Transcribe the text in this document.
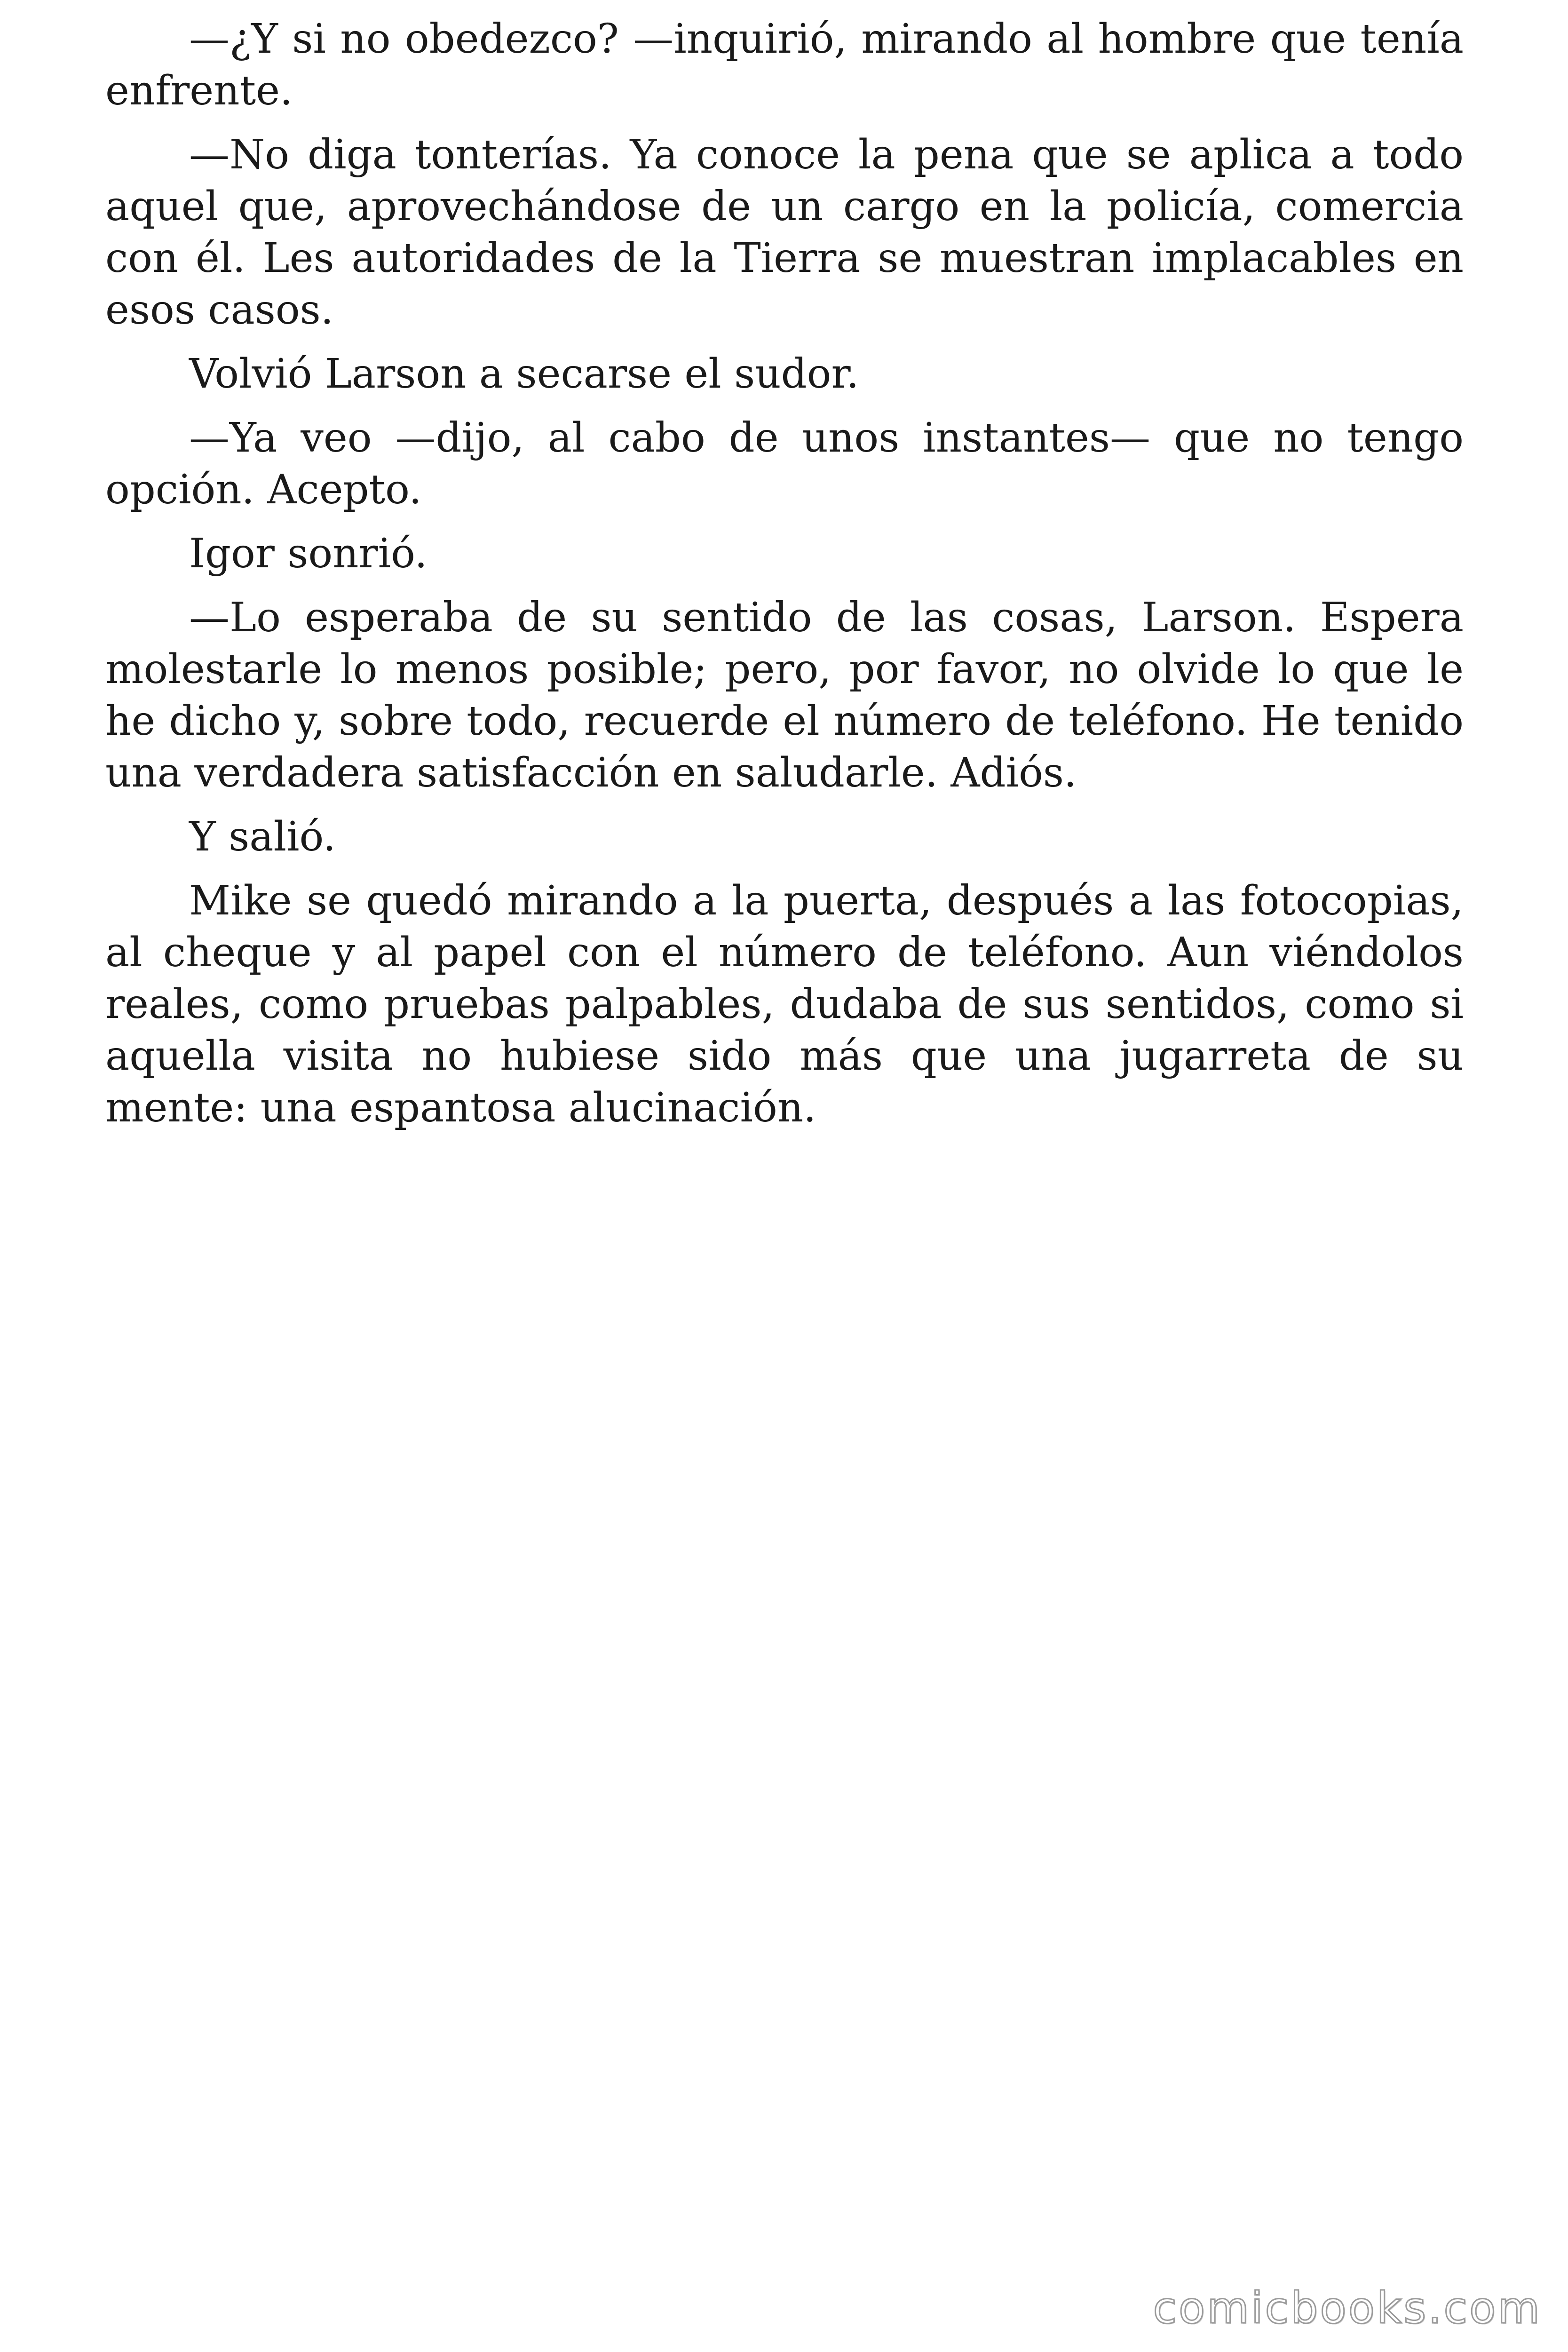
—¿Y si no obedezco? —inquirió, mirando al hombre que tenía enfrente.

—No diga tonterías. Ya conoce la pena que se aplica a todo aquel que, aprovechándose de un cargo en la policía, comercia con él. Les autoridades de la Tierra se muestran implacables en esos casos.

Volvió Larson a secarse el sudor.

—Ya veo —dijo, al cabo de unos instantes— que no tengo opción. Acepto.

Igor sonrió.

—Lo esperaba de su sentido de las cosas, Larson. Espera molestarle lo menos posible; pero, por favor, no olvide lo que le he dicho y, sobre todo, recuerde el número de teléfono. He tenido una verdadera satisfacción en saludarle. Adiós.

Y salió.

Mike se quedó mirando a la puerta, después a las fotocopias, al cheque y al papel con el número de teléfono. Aun viéndolos reales, como pruebas palpables, dudaba de sus sentidos, como si aquella visita no hubiese sido más que una jugarreta de su mente: una espantosa alucinación.

comicbooks.com
